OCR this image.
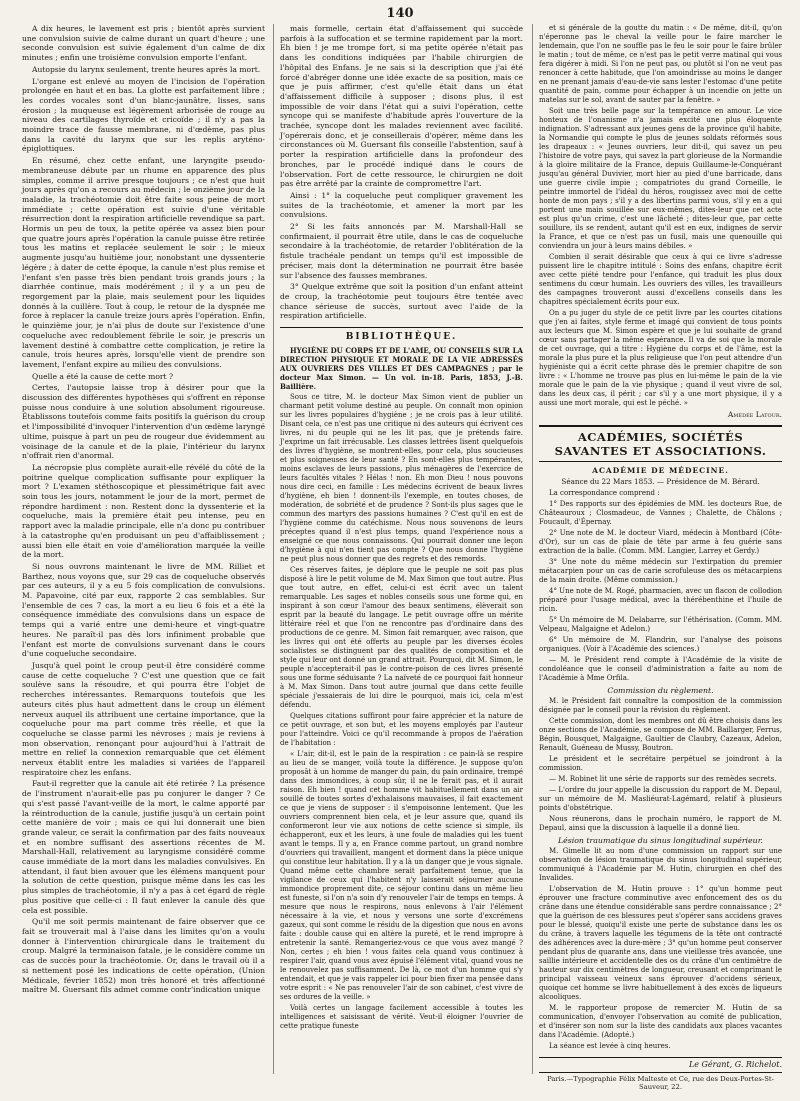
140

A dix heures, le lavement est pris ; bientôt après survient une convulsion suivie de calme durant un quart d'heure ; une seconde convulsion est suivie également d'un calme de dix minutes ; enfin une troisième convulsion emporte l'enfant.

Autopsie du larynx seulement, trente heures après la mort.

L'organe est enlevé au moyen de l'incision de l'opération prolongée en haut et en bas. La glotte est parfaitement libre ; les cordes vocales sont d'un blanc-jaunâtre, lisses, sans érosion ; la muqueuse est légèrement arborisée de rouge au niveau des cartilages thyroïde et cricoïde ; il n'y a pas la moindre trace de fausse membrane, ni d'œdème, pas plus dans la cavité du larynx que sur les replis aryténo-épiglottiques.

En résumé, chez cette enfant, une laryngite pseudo-membraneuse débute par un rhume en apparence des plus simples, comme il arrive presque toujours ; ce n'est que huit jours après qu'on a recours au médecin ; le onzième jour de la maladie, la trachéotomie doit être faite sous peine de mort immédiate ; cette opération est suivie d'une véritable résurrection dont la respiration artificielle revendique sa part. Hormis un peu de toux, la petite opérée va assez bien pour que quatre jours après l'opération la canule puisse être retirée tous les matins et replacée seulement le soir ; le mieux augmente jusqu'au huitième jour, nonobstant une dyssenterie légère ; à dater de cette époque, la canule n'est plus remise et l'enfant s'en passe très bien pendant trois grands jours ; la diarrhée continue, mais modérément ; il y a un peu de regorgement par la plaie, mais seulement pour les liquides donnés à la cuillère. Tout à coup, le retour de la dyspnée me force à replacer la canule treize jours après l'opération. Enfin, le quinzième jour, je n'ai plus de doute sur l'existence d'une coqueluche avec redoublement fébrile le soir, je prescris un lavement destiné à combattre cette complication, je retire la canule, trois heures après, lorsqu'elle vient de prendre son lavement, l'enfant expire au milieu des convulsions.

Quelle a été la cause de cette mort ?

Certes, l'autopsie laisse trop à désirer pour que la discussion des différentes hypothèses qui s'offrent en réponse puisse nous conduire à une solution absolument rigoureuse. Établissons toutefois comme faits positifs la guérison du croup et l'impossibilité d'invoquer l'intervention d'un œdème laryngé ultime, puisque à part un peu de rougeur due évidemment au voisinage de la canule et de la plaie, l'intérieur du larynx n'offrait rien d'anormal.

La nécropsie plus complète aurait-elle révélé du côté de la poitrine quelque complication suffisante pour expliquer la mort ? L'examen stéthoscopique et plessimétrique fait avec soin tous les jours, notamment le jour de la mort, permet de répondre hardiment : non. Restent donc la dyssenterie et la coqueluche, mais la première était peu intense, peu en rapport avec la maladie principale, elle n'a donc pu contribuer à la catastrophe qu'en produisant un peu d'affaiblissement ; aussi bien elle était en voie d'amélioration marquée la veille de la mort.

Si nous ouvrons maintenant le livre de MM. Rilliet et Barthez, nous voyons que, sur 29 cas de coqueluche observés par ces auteurs, il y a eu 5 fois complication de convulsions. M. Papavoine, cité par eux, rapporte 2 cas semblables. Sur l'ensemble de ces 7 cas, la mort a eu lieu 6 fois et a été la conséquence immédiate des convulsions dans un espace de temps qui a varié entre une demi-heure et vingt-quatre heures. Ne paraît-il pas dès lors infiniment probable que l'enfant est morte de convulsions survenant dans le cours d'une coqueluche secondaire.

Jusqu'à quel point le croup peut-il être considéré comme cause de cette coqueluche ? C'est une question que ce fait soulève sans la résoudre, et qui pourra être l'objet de recherches intéressantes. Remarquons toutefois que les auteurs cités plus haut admettent dans le croup un élément nerveux auquel ils attribuent une certaine importance, que la coqueluche pour ma part comme très réelle, et que la coqueluche se classe parmi les névroses ; mais je reviens à mon observation, renonçant pour aujourd'hui à l'attrait de mettre en relief la connexion remarquable que cet élément nerveux établit entre les maladies si variées de l'appareil respiratoire chez les enfans.

Faut-il regretter que la canule ait été retirée ? La présence de l'instrument n'aurait-elle pas pu conjurer le danger ? Ce qui s'est passé l'avant-veille de la mort, le calme apporté par la réintroduction de la canule, justifie jusqu'à un certain point cette manière de voir ; mais ce qui lui donnerait une bien grande valeur, ce serait la confirmation par des faits nouveaux et en nombre suffisant des assertions récentes de M. Marshall-Hall, relativement au laryngisme considéré comme cause immédiate de la mort dans les maladies convulsives. En attendant, il faut bien avouer que les élémens manquent pour la solution de cette question, puisque même dans les cas les plus simples de trachéotomie, il n'y a pas à cet égard de règle plus positive que celle-ci : Il faut enlever la canule dès que cela est possible.

Qu'il me soit permis maintenant de faire observer que ce fait se trouverait mal à l'aise dans les limites qu'on a voulu donner à l'intervention chirurgicale dans le traitement du croup. Malgré la terminaison fatale, je le considère comme un cas de succès pour la trachéotomie. Or, dans le travail où il a si nettement posé les indications de cette opération, (Union Médicale, février 1852) mon très honoré et très affectionné maître M. Guersant fils admet comme contr'indication unique

mais formelle, certain état d'affaissement qui succède parfois à la suffocation et se termine rapidement par la mort. Eh bien ! je me trompe fort, si ma petite opérée n'était pas dans les conditions indiquées par l'habile chirurgien de l'hôpital des Enfans. Je ne sais si la description que j'ai été forcé d'abréger donne une idée exacte de sa position, mais ce que je puis affirmer, c'est qu'elle était dans un état d'affaissement difficile à supposer ; disons plus, il est impossible de voir dans l'état qui a suivi l'opération, cette syncope qui se manifeste d'habitude après l'ouverture de la trachée, syncope dont les malades reviennent avec facilité. J'opérerais donc, et je conseillerais d'opérer, même dans les circonstances où M. Guersant fils conseille l'abstention, sauf à porter la respiration artificielle dans la profondeur des bronches, par le procédé indiqué dans le cours de l'observation. Fort de cette ressource, le chirurgien ne doit pas être arrêté par la crainte de compromettre l'art.

Ainsi : 1° la coqueluche peut compliquer gravement les suites de la trachéotomie, et amener la mort par les convulsions.

2° Si les faits annoncés par M. Marshall-Hall se confirmaient, il pourrait être utile, dans le cas de coqueluche secondaire à la trachéotomie, de retarder l'oblitération de la fistule trachéale pendant un temps qu'il est impossible de préciser, mais dont la détermination ne pourrait être basée sur l'absence des fausses membranes.

3° Quelque extrême que soit la position d'un enfant atteint de croup, la trachéotomie peut toujours être tentée avec chance sérieuse de succès, surtout avec l'aide de la respiration artificielle.

BIBLIOTHÈQUE.

HYGIÈNE DU CORPS ET DE L'AME, OU CONSEILS SUR LA DIRECTION PHYSIQUE ET MORALE DE LA VIE ADRESSÉS AUX OUVRIERS DES VILLES ET DES CAMPAGNES ; par le docteur Max Simon. — Un vol. in-18. Paris, 1853, J.-B. Baillière.

Sous ce titre, M. le docteur Max Simon vient de publier un charmant petit volume destiné au peuple. On connaît mon opinion sur les livres populaires d'hygiène ; je ne crois pas à leur utilité. Disant cela, ce n'est pas une critique ni des auteurs qui écrivent ces livres, ni du peuple qui ne les lit pas, que je prétends faire. J'exprime un fait irrécusable. Les classes lettrées lisent quelquefois des livres d'hygiène, se montrent-elles, pour cela, plus soucieuses et plus soigneuses de leur santé ? En sont-elles plus tempérantes, moins esclaves de leurs passions, plus ménagères de l'exercice de leurs facultés vitales ? Hélas ! non. Eh mon Dieu ! nous pouvons nous dire ceci, en famille : Les médecins écrivent de beaux livres d'hygiène, eh bien ! donnent-ils l'exemple, en toutes choses, de modération, de sobriété et de prudence ? Sont-ils plus sages que le commun des martyrs des passions humaines ? C'est qu'il en est de l'hygiène comme du catéchisme. Nous nous souvenons de leurs préceptes quand il n'est plus temps, quand l'expérience nous a enseigné ce que nous connaissons. Qui pourrait donner une leçon d'hygiène à qui n'en tient pas compte ? Que nous donne l'hygiène ne peut plus nous donner que des regrets et des remords.

Ces réserves faites, je déplore que le peuple ne soit pas plus disposé à lire le petit volume de M. Max Simon que tout autre. Plus que tout autre, en effet, celui-ci est écrit avec un talent remarquable. Les sages et nobles conseils sous une forme qui, en inspirant à son cœur l'amour des beaux sentimens, élèverait son esprit par la beauté du langage. Le petit ouvrage offre un mérite littéraire réel et que l'on ne rencontre pas d'ordinaire dans des productions de ce genre. M. Simon fait remarquer, avec raison, que les livres qui ont été offerts au peuple par les diverses écoles socialistes se distinguent par des qualités de composition et de style qui leur ont donné un grand attrait. Pourquoi, dit M. Simon, le peuple n'accepterait-il pas le contre-poison de ces livres présenté sous une forme séduisante ? La naïveté de ce pourquoi fait honneur à M. Max Simon. Dans tout autre journal que dans cette feuille spéciale j'essaierais de lui dire le pourquoi, mais ici, cela m'est défendu.

Quelques citations suffiront pour faire apprécier et la nature de ce petit ouvrage, et son but, et les moyens employés par l'auteur pour l'atteindre. Voici ce qu'il recommande à propos de l'aération de l'habitation :

« L'air, dit-il, est le pain de la respiration : ce pain-là se respire au lieu de se manger, voilà toute la différence. Je suppose qu'on proposât à un homme de manger du pain, du pain ordinaire, trempé dans des immondices, à coup sûr, il ne le ferait pas, et il aurait raison. Eh bien ! quand cet homme vit habituellement dans un air souillé de toutes sortes d'exhalaisons mauvaises, il fait exactement ce que je viens de supposer : il s'empoisonne lentement. Que les ouvriers comprennent bien cela, et je leur assure que, quand ils conformeront leur vie aux notions de cette science si simple, ils échapperont, eux et les leurs, à une foule de maladies qui les tuent avant le temps. Il y a, en France comme partout, un grand nombre d'ouvriers qui travaillent, mangent et dorment dans la pièce unique qui constitue leur habitation. Il y a là un danger que je vous signale. Quand même cette chambre serait parfaitement tenue, que la vigilance de ceux qui l'habitent n'y laisserait séjourner aucune immondice proprement dite, ce séjour continu dans un même lieu est funeste, si l'on n'a soin d'y renouveler l'air de temps en temps. À mesure que nous le respirons, nous enlevons à l'air l'élément nécessaire à la vie, et nous y versons une sorte d'excrémens gazeux, qui sont comme le résidu de la digestion que nous en avons faite : double cause qui en altère la pureté, et le rend impropre à entretenir la santé. Remangeriez-vous ce que vous avez mangé ? Non, certes ; eh bien ! vous faites cela quand vous continuez à respirer l'air, quand vous avez épuisé l'élément vital, quand vous ne le renouvelez pas suffisamment. De là, ce mot d'un homme qui s'y entendait, et que je vais rappeler ici pour bien fixer ma pensée dans votre esprit : « Ne pas renouveler l'air de son cabinet, c'est vivre de ses ordures de la veille. »

Voilà certes un langage facilement accessible à toutes les intelligences et saisissant de vérité. Veut-il éloigner l'ouvrier de cette pratique funeste

et si générale de la goutte du matin : « De même, dit-il, qu'on n'éperonne pas le cheval la veille pour le faire marcher le lendemain, que l'on ne souffle pas le feu le soir pour le faire brûler le matin ; tout de même, ce n'est pas le petit verre matinal qui vous fera digérer à midi. Si l'on ne peut pas, ou plutôt si l'on ne veut pas renoncer à cette habitude, que l'on amoindrisse au moins le danger en ne prenant jamais d'eau-de-vie sans lester l'estomac d'une petite quantité de pain, comme pour échapper à un incendie on jette un matelas sur le sol, avant de sauter par la fenêtre. »

Soit une très belle page sur la tempérance en amour. Le vice honteux de l'onanisme n'a jamais excité une plus éloquente indignation. S'adressant aux jeunes gens de la province qu'il habite, la Normandie qui compte le plus de jeunes soldats réformés sous les drapeaux : « Jeunes ouvriers, leur dit-il, qui savez un peu l'histoire de votre pays, qui savez la part glorieuse de la Normandie à la gloire militaire de la France, depuis Guillaume-le-Conquérant jusqu'au général Duvivier, mort hier au pied d'une barricade, dans une guerre civile impie ; compatriotes du grand Corneille, le peintre immortel de l'idéal du héros, rougissez avec moi de cette honte de mon pays ; s'il y a des libertins parmi vous, s'il y en a qui portent une main souillée sur eux-mêmes, dites-leur que cet acte est plus qu'un crime, c'est une lâcheté ; dites-leur que, par cette souillure, ils se rendent, autant qu'il est en eux, indignes de servir la France, et que ce n'est pas un fusil, mais une quenouille qui conviendra un jour à leurs mains débiles. »

Combien il serait désirable que ceux à qui ce livre s'adresse puissent lire le chapitre intitulé : Soins des enfans, chapitre écrit avec cette piété tendre pour l'enfance, qui traduit les plus doux sentimens du cœur humain. Les ouvriers des villes, les travailleurs des campagnes trouveront aussi d'excellens conseils dans les chapitres spécialement écrits pour eux.

On a pu juger du style de ce petit livre par les courtes citations que j'en ai faites, style ferme et imagé qui convient de tous points aux lecteurs que M. Simon espère et que je lui souhaite de grand cœur sans partager la même espérance. Il va de soi que la morale de cet ouvrage, qui a titre : Hygiène du corps et de l'âme, est la morale la plus pure et la plus religieuse que l'on peut attendre d'un hygiéniste qui a écrit cette phrase dès le premier chapitre de son livre : « L'homme ne trouve pas plus en lui-même le pain de la vie morale que le pain de la vie physique ; quand il veut vivre de sol, dans les deux cas, il périt ; car s'il y a une mort physique, il y a aussi une mort morale, qui est le péché. »

Amédée Latour.
ACADÉMIES, SOCIÉTÉS SAVANTES ET ASSOCIATIONS.
ACADÉMIE DE MÉDECINE.
Séance du 22 Mars 1853. — Présidence de M. Bérard.

La correspondance comprend :

1° Des rapports sur des épidémies de MM. les docteurs Rue, de Châteauroux ; Closmadeuc, de Vannes ; Chalette, de Châlons ; Foucault, d'Épernay.

2° Une note de M. le docteur Viard, médecin à Montbard (Côte-d'Or), sur un cas de plaie de tête par arme à feu guérie sans extraction de la balle. (Comm. MM. Langier, Larrey et Gerdy.)

3° Une note du même médecin sur l'extirpation du premier métacarpien pour un cas de carie scrofuleuse des os métacarpiens de la main droite. (Même commission.)

4° Une note de M. Rogé, pharmacien, avec un flacon de collodion préparé pour l'usage médical, avec la thérébenthine et l'huile de ricin.

5° Un mémoire de M. Delabarre, sur l'éthérisation. (Comm. MM. Velpeau, Malgaigne et Adelon.)

6° Un mémoire de M. Flandrin, sur l'analyse des poisons organiques. (Voir à l'Académie des sciences.)

— M. le Président rend compte à l'Académie de la visite de condoléance que le conseil d'administration a faite au nom de l'Académie à Mme Orfila.

Commission du règlement.

M. le Président fait connaître la composition de la commission désignée par le conseil pour la révision du règlement.

Cette commission, dont les membres ont dû être choisis dans les onze sections de l'Académie, se compose de MM. Baillarger, Ferrus, Bégin, Bousquet, Malgaigne, Gaultier de Claubry, Cazeaux, Adelon, Renault, Guéneau de Mussy, Boutron.

Le président et le secrétaire perpétuel se joindront à la commission.

— M. Robinet lit une série de rapports sur des remèdes secrets.

— L'ordre du jour appelle la discussion du rapport de M. Depaul, sur un mémoire de M. Masliéurat-Lagémard, relatif à plusieurs points d'obstétrique.

Nous réunerons, dans le prochain numéro, le rapport de M. Depaul, ainsi que la discussion à laquelle il a donné lieu.

Lésion traumatique du sinus longitudinal supérieur.

M. Gimelle lit au nom d'une commission un rapport sur une observation de lésion traumatique du sinus longitudinal supérieur, communiqué à l'Académie par M. Hutin, chirurgien en chef des Invalides.

L'observation de M. Hutin prouve : 1° qu'un homme peut éprouver une fracture comminutive avec enfoncement des os du crâne dans une étendue considérable sans perdre connaissance ; 2° que la guérison de ces blessures peut s'opérer sans accidens graves pour le blessé, quoiqu'il existe une perte de substance dans les os du crâne, à travers laquelle les tégumens de la tête ont contracté des adhérences avec la dure-mère ; 3° qu'un homme peut conserver pendant plus de quarante ans, dans une vieillesse très avancée, une saillie intérieure et accidentelle des os du crâne d'un centimètre de hauteur sur dix centimètres de longueur, creusant et comprimant le principal vaisseau veineux sans éprouver d'accidens sérieux, quoique cet homme se livre habituellement à des excès de liqueurs alcooliques.

M. le rapporteur propose de remercier M. Hutin de sa communication, d'envoyer l'observation au comité de publication, et d'insérer son nom sur la liste des candidats aux places vacantes dans l'Académie. (Adopté.)

La séance est levée à cinq heures.

Le Gérant, G. Richelot.
Paris.—Typographie Félix Malteste et Ce, rue des Deux-Portes-St-Sauveur, 22.
